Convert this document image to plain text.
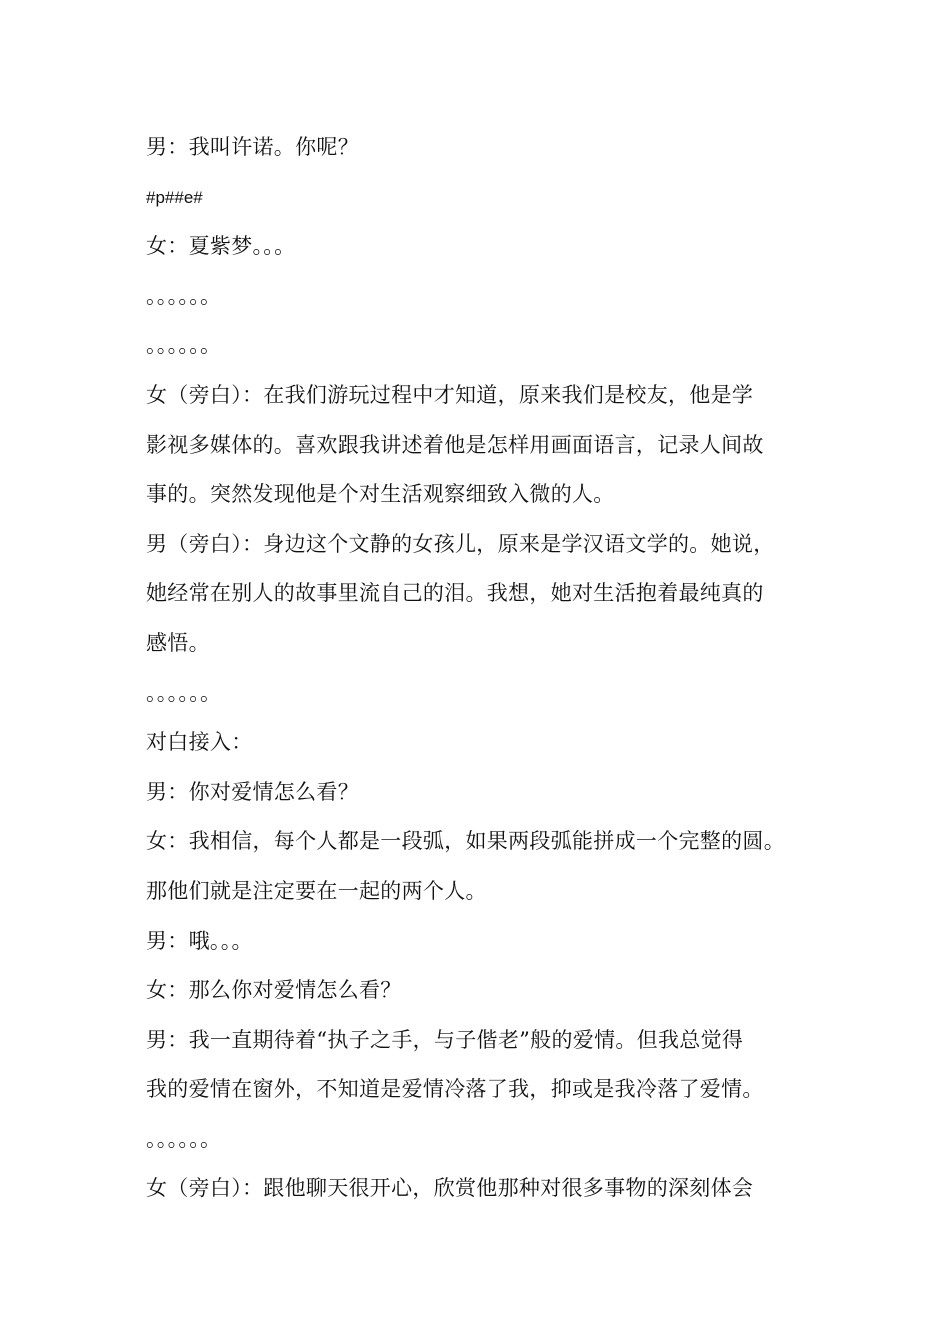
男：我叫许诺。你呢？
#p##e#
女：夏紫梦。。。
。。。。。。
。。。。。。
女（旁白）：在我们游玩过程中才知道，原来我们是校友，他是学
影视多媒体的。喜欢跟我讲述着他是怎样用画面语言，记录人间故
事的。突然发现他是个对生活观察细致入微的人。
男（旁白）：身边这个文静的女孩儿，原来是学汉语文学的。她说，
她经常在别人的故事里流自己的泪。我想，她对生活抱着最纯真的
感悟。
。。。。。。
对白接入：
男：你对爱情怎么看？
女：我相信，每个人都是一段弧，如果两段弧能拼成一个完整的圆。
那他们就是注定要在一起的两个人。
男：哦。。。
女：那么你对爱情怎么看？
男：我一直期待着“执子之手，与子偕老”般的爱情。但我总觉得
我的爱情在窗外，不知道是爱情冷落了我，抑或是我冷落了爱情。
。。。。。。
女（旁白）：跟他聊天很开心，欣赏他那种对很多事物的深刻体会
